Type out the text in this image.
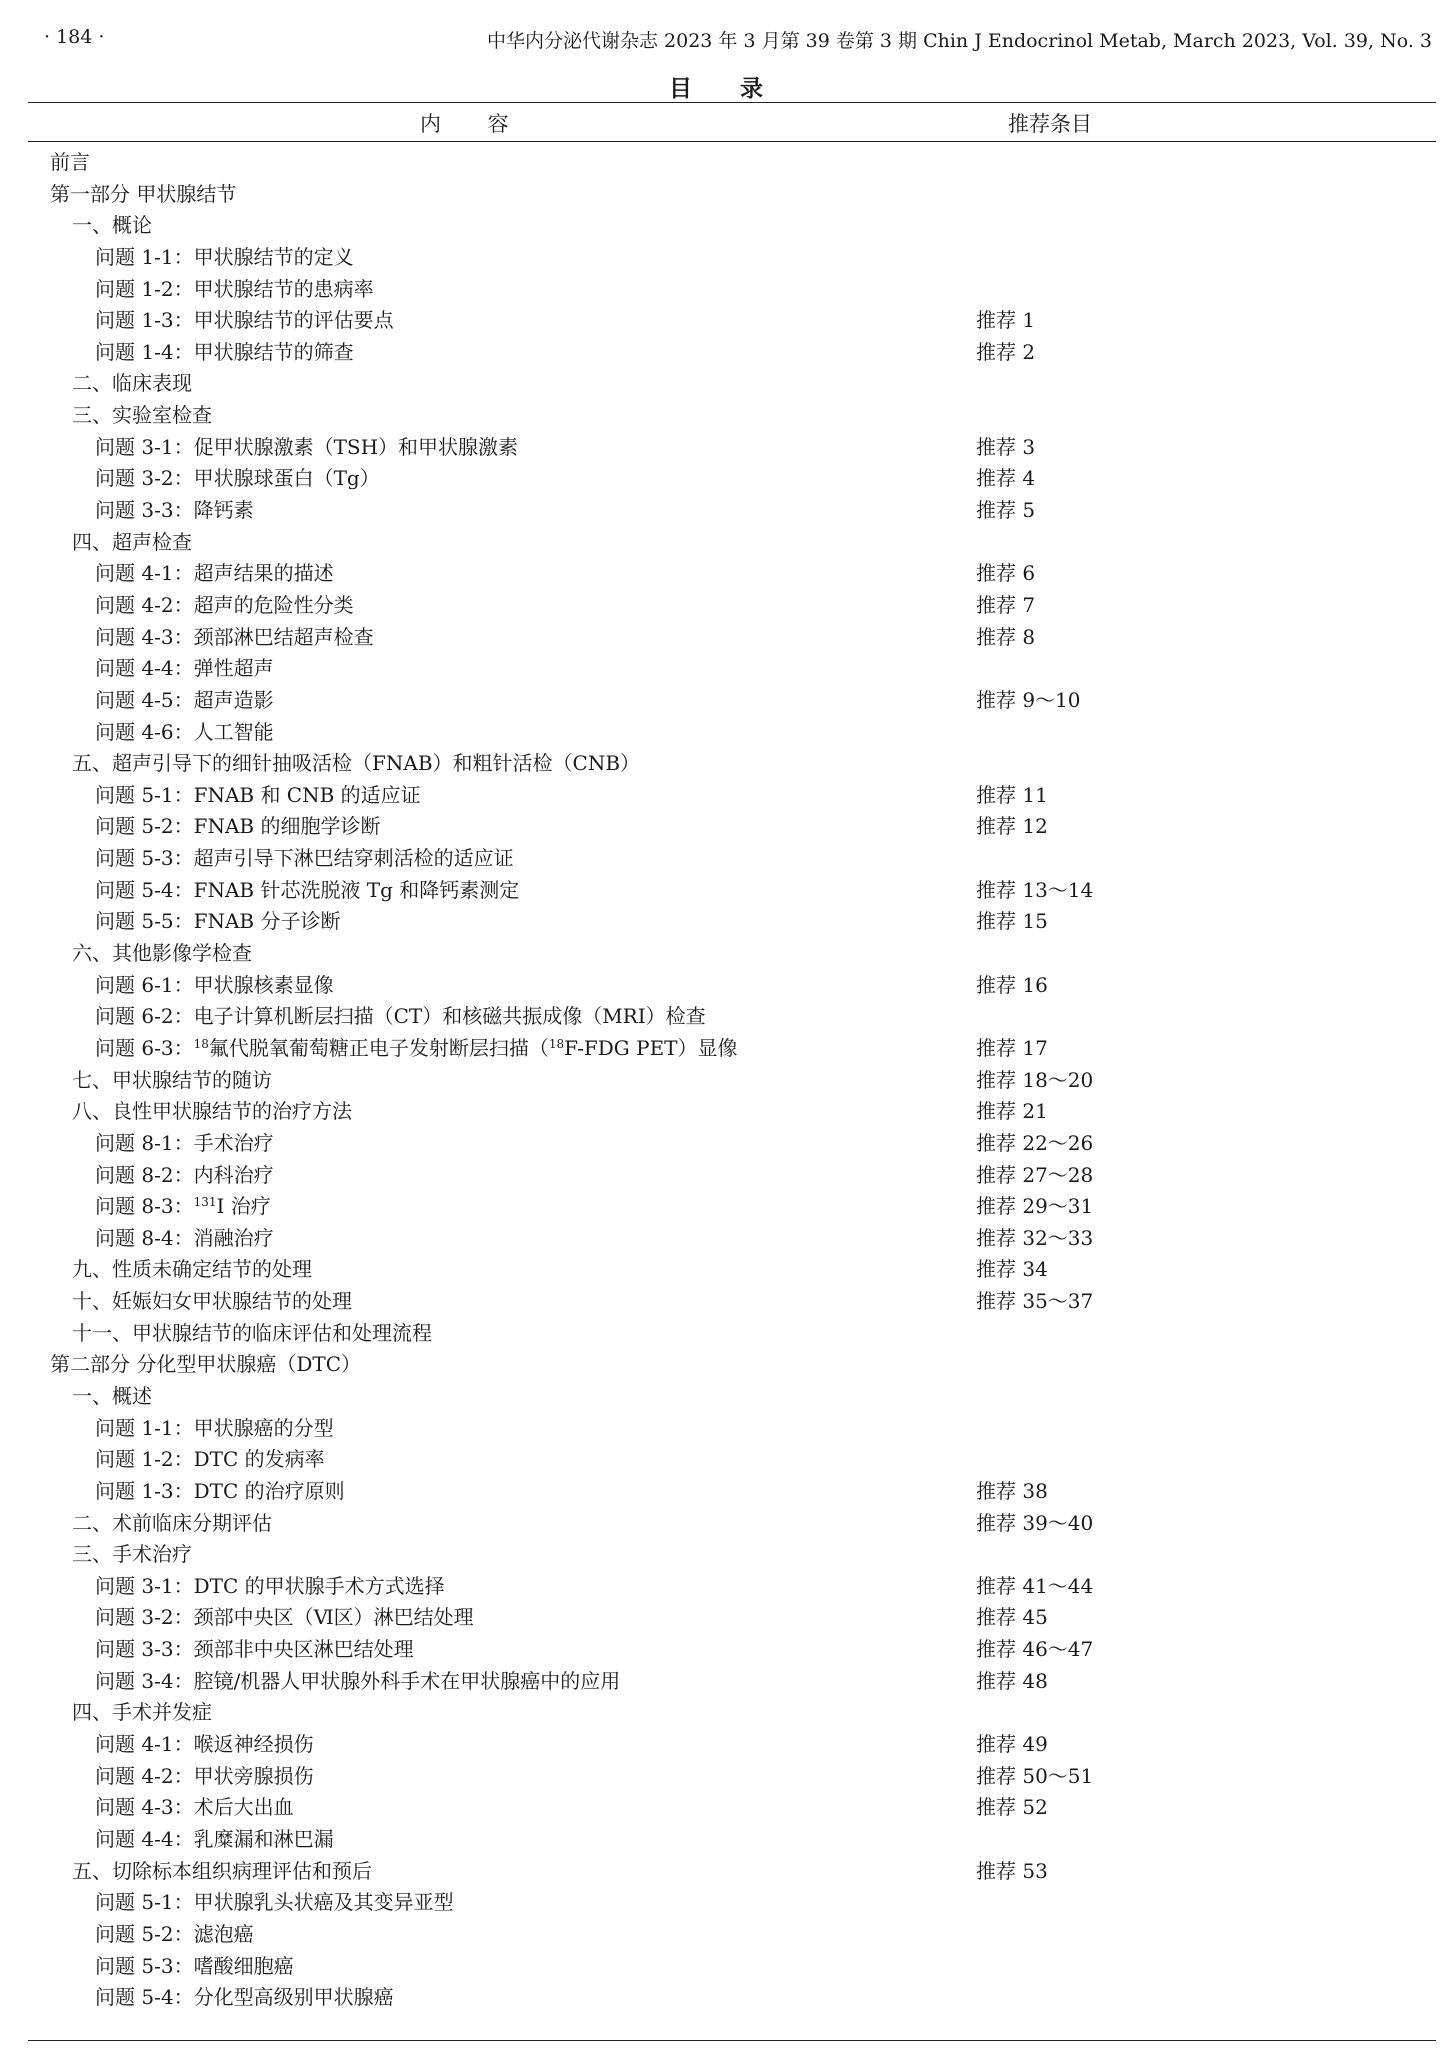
· 184 ·	中华内分泌代谢杂志 2023 年 3 月第 39 卷第 3 期 Chin J Endocrinol Metab, March 2023, Vol. 39, No. 3
目 录
内 容	推荐条目
前言
第一部分 甲状腺结节
一、概论
问题 1-1：甲状腺结节的定义
问题 1-2：甲状腺结节的患病率
问题 1-3：甲状腺结节的评估要点	推荐 1
问题 1-4：甲状腺结节的筛查	推荐 2
二、临床表现
三、实验室检查
问题 3-1：促甲状腺激素（TSH）和甲状腺激素	推荐 3
问题 3-2：甲状腺球蛋白（Tg）	推荐 4
问题 3-3：降钙素	推荐 5
四、超声检查
问题 4-1：超声结果的描述	推荐 6
问题 4-2：超声的危险性分类	推荐 7
问题 4-3：颈部淋巴结超声检查	推荐 8
问题 4-4：弹性超声
问题 4-5：超声造影	推荐 9～10
问题 4-6：人工智能
五、超声引导下的细针抽吸活检（FNAB）和粗针活检（CNB）
问题 5-1：FNAB 和 CNB 的适应证	推荐 11
问题 5-2：FNAB 的细胞学诊断	推荐 12
问题 5-3：超声引导下淋巴结穿刺活检的适应证
问题 5-4：FNAB 针芯洗脱液 Tg 和降钙素测定	推荐 13～14
问题 5-5：FNAB 分子诊断	推荐 15
六、其他影像学检查
问题 6-1：甲状腺核素显像	推荐 16
问题 6-2：电子计算机断层扫描（CT）和核磁共振成像（MRI）检查
问题 6-3：$^{18}$氟代脱氧葡萄糖正电子发射断层扫描（$^{18}$F-FDG PET）显像	推荐 17
七、甲状腺结节的随访	推荐 18～20
八、良性甲状腺结节的治疗方法	推荐 21
问题 8-1：手术治疗	推荐 22～26
问题 8-2：内科治疗	推荐 27～28
问题 8-3：$^{131}$I 治疗	推荐 29～31
问题 8-4：消融治疗	推荐 32～33
九、性质未确定结节的处理	推荐 34
十、妊娠妇女甲状腺结节的处理	推荐 35～37
十一、甲状腺结节的临床评估和处理流程
第二部分 分化型甲状腺癌（DTC）
一、概述
问题 1-1：甲状腺癌的分型
问题 1-2：DTC 的发病率
问题 1-3：DTC 的治疗原则	推荐 38
二、术前临床分期评估	推荐 39～40
三、手术治疗
问题 3-1：DTC 的甲状腺手术方式选择	推荐 41～44
问题 3-2：颈部中央区（Ⅵ区）淋巴结处理	推荐 45
问题 3-3：颈部非中央区淋巴结处理	推荐 46～47
问题 3-4：腔镜/机器人甲状腺外科手术在甲状腺癌中的应用	推荐 48
四、手术并发症
问题 4-1：喉返神经损伤	推荐 49
问题 4-2：甲状旁腺损伤	推荐 50～51
问题 4-3：术后大出血	推荐 52
问题 4-4：乳糜漏和淋巴漏
五、切除标本组织病理评估和预后	推荐 53
问题 5-1：甲状腺乳头状癌及其变异亚型
问题 5-2：滤泡癌
问题 5-3：嗜酸细胞癌
问题 5-4：分化型高级别甲状腺癌
